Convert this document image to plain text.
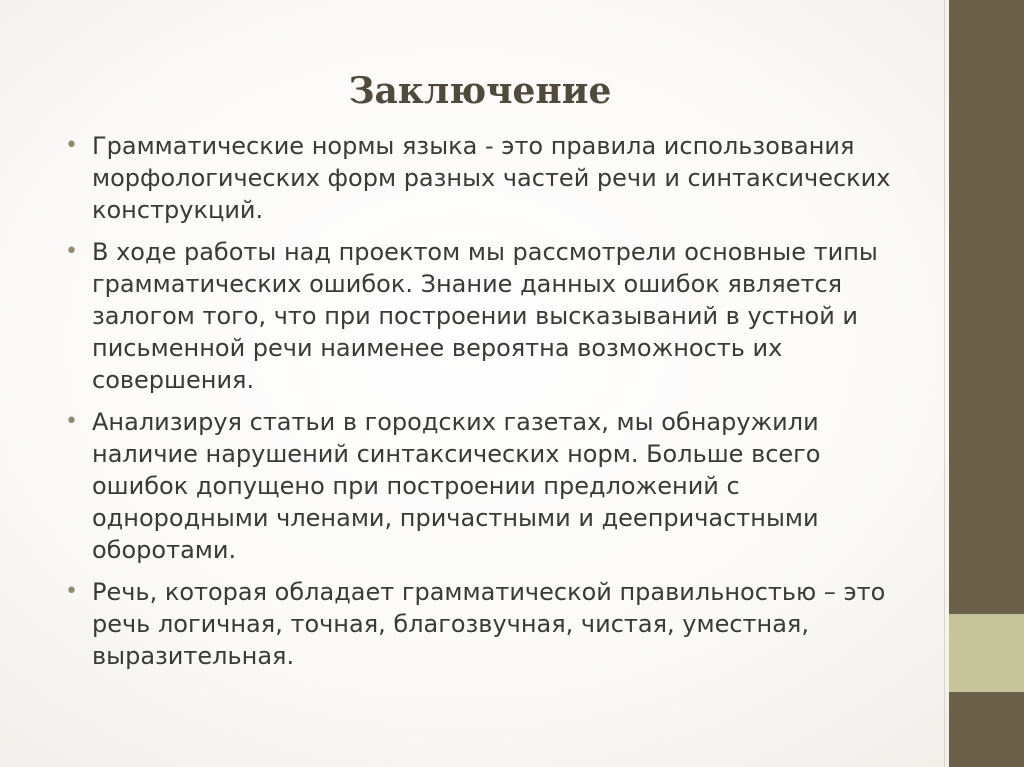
Заключение
• Грамматические нормы языка - это правила использования морфологических форм разных частей речи и синтаксических конструкций.
• В ходе работы над проектом мы рассмотрели основные типы грамматических ошибок. Знание данных ошибок является залогом того, что при построении высказываний в устной и письменной речи наименее вероятна возможность их совершения.
• Анализируя статьи в городских газетах, мы обнаружили наличие нарушений синтаксических норм. Больше всего ошибок допущено при построении предложений с однородными членами, причастными и деепричастными оборотами.
• Речь, которая обладает грамматической правильностью – это речь логичная, точная, благозвучная, чистая, уместная, выразительная.
